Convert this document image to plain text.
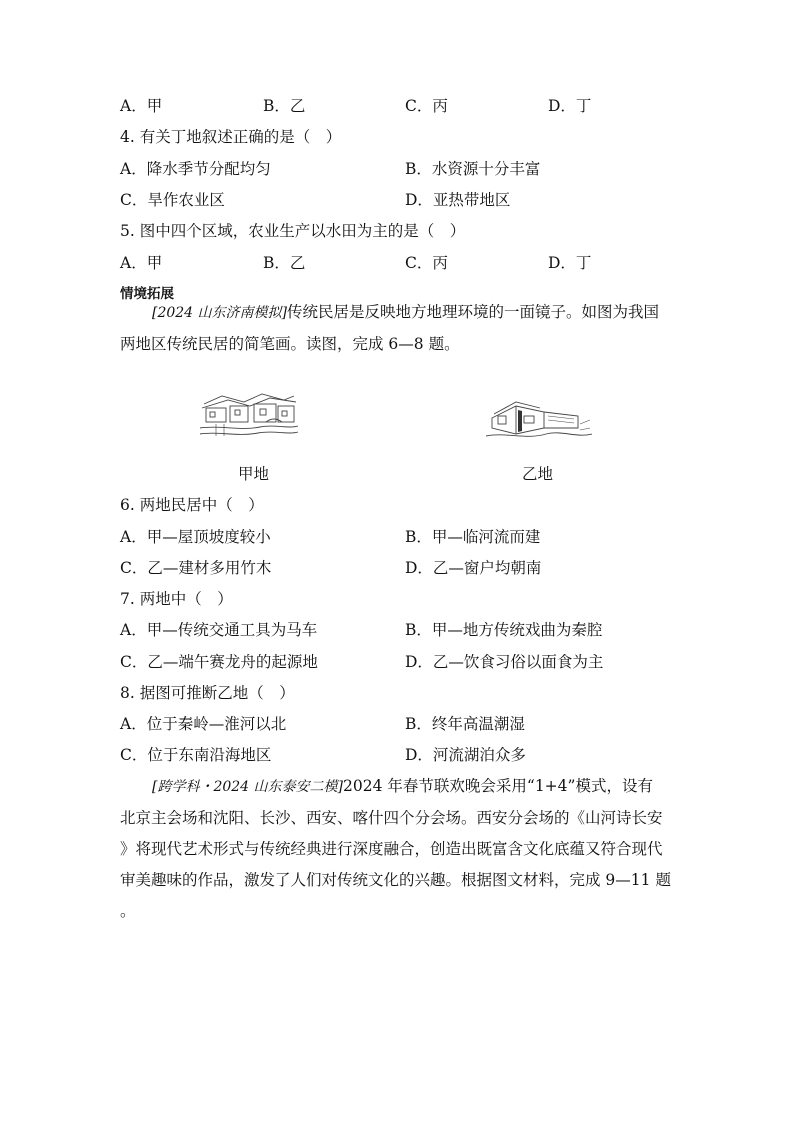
A．甲	B．乙	C．丙	D．丁
4. 有关丁地叙述正确的是（　）
A．降水季节分配均匀	B．水资源十分丰富
C．旱作农业区	D．亚热带地区
5. 图中四个区域，农业生产以水田为主的是（　）
A．甲	B．乙	C．丙	D．丁
情境拓展
[2024 山东济南模拟]传统民居是反映地方地理环境的一面镜子。如图为我国
两地区传统民居的简笔画。读图，完成 6—8 题。
甲地	乙地
6. 两地民居中（　）
A．甲—屋顶坡度较小	B．甲—临河流而建
C．乙—建材多用竹木	D．乙—窗户均朝南
7. 两地中（　）
A．甲—传统交通工具为马车	B．甲—地方传统戏曲为秦腔
C．乙—端午赛龙舟的起源地	D．乙—饮食习俗以面食为主
8. 据图可推断乙地（　）
A．位于秦岭—淮河以北	B．终年高温潮湿
C．位于东南沿海地区	D．河流湖泊众多
[跨学科・2024 山东泰安二模]2024 年春节联欢晚会采用“1+4”模式，设有
北京主会场和沈阳、长沙、西安、喀什四个分会场。西安分会场的《山河诗长安
》将现代艺术形式与传统经典进行深度融合，创造出既富含文化底蕴又符合现代
审美趣味的作品，激发了人们对传统文化的兴趣。根据图文材料，完成 9—11 题
。
